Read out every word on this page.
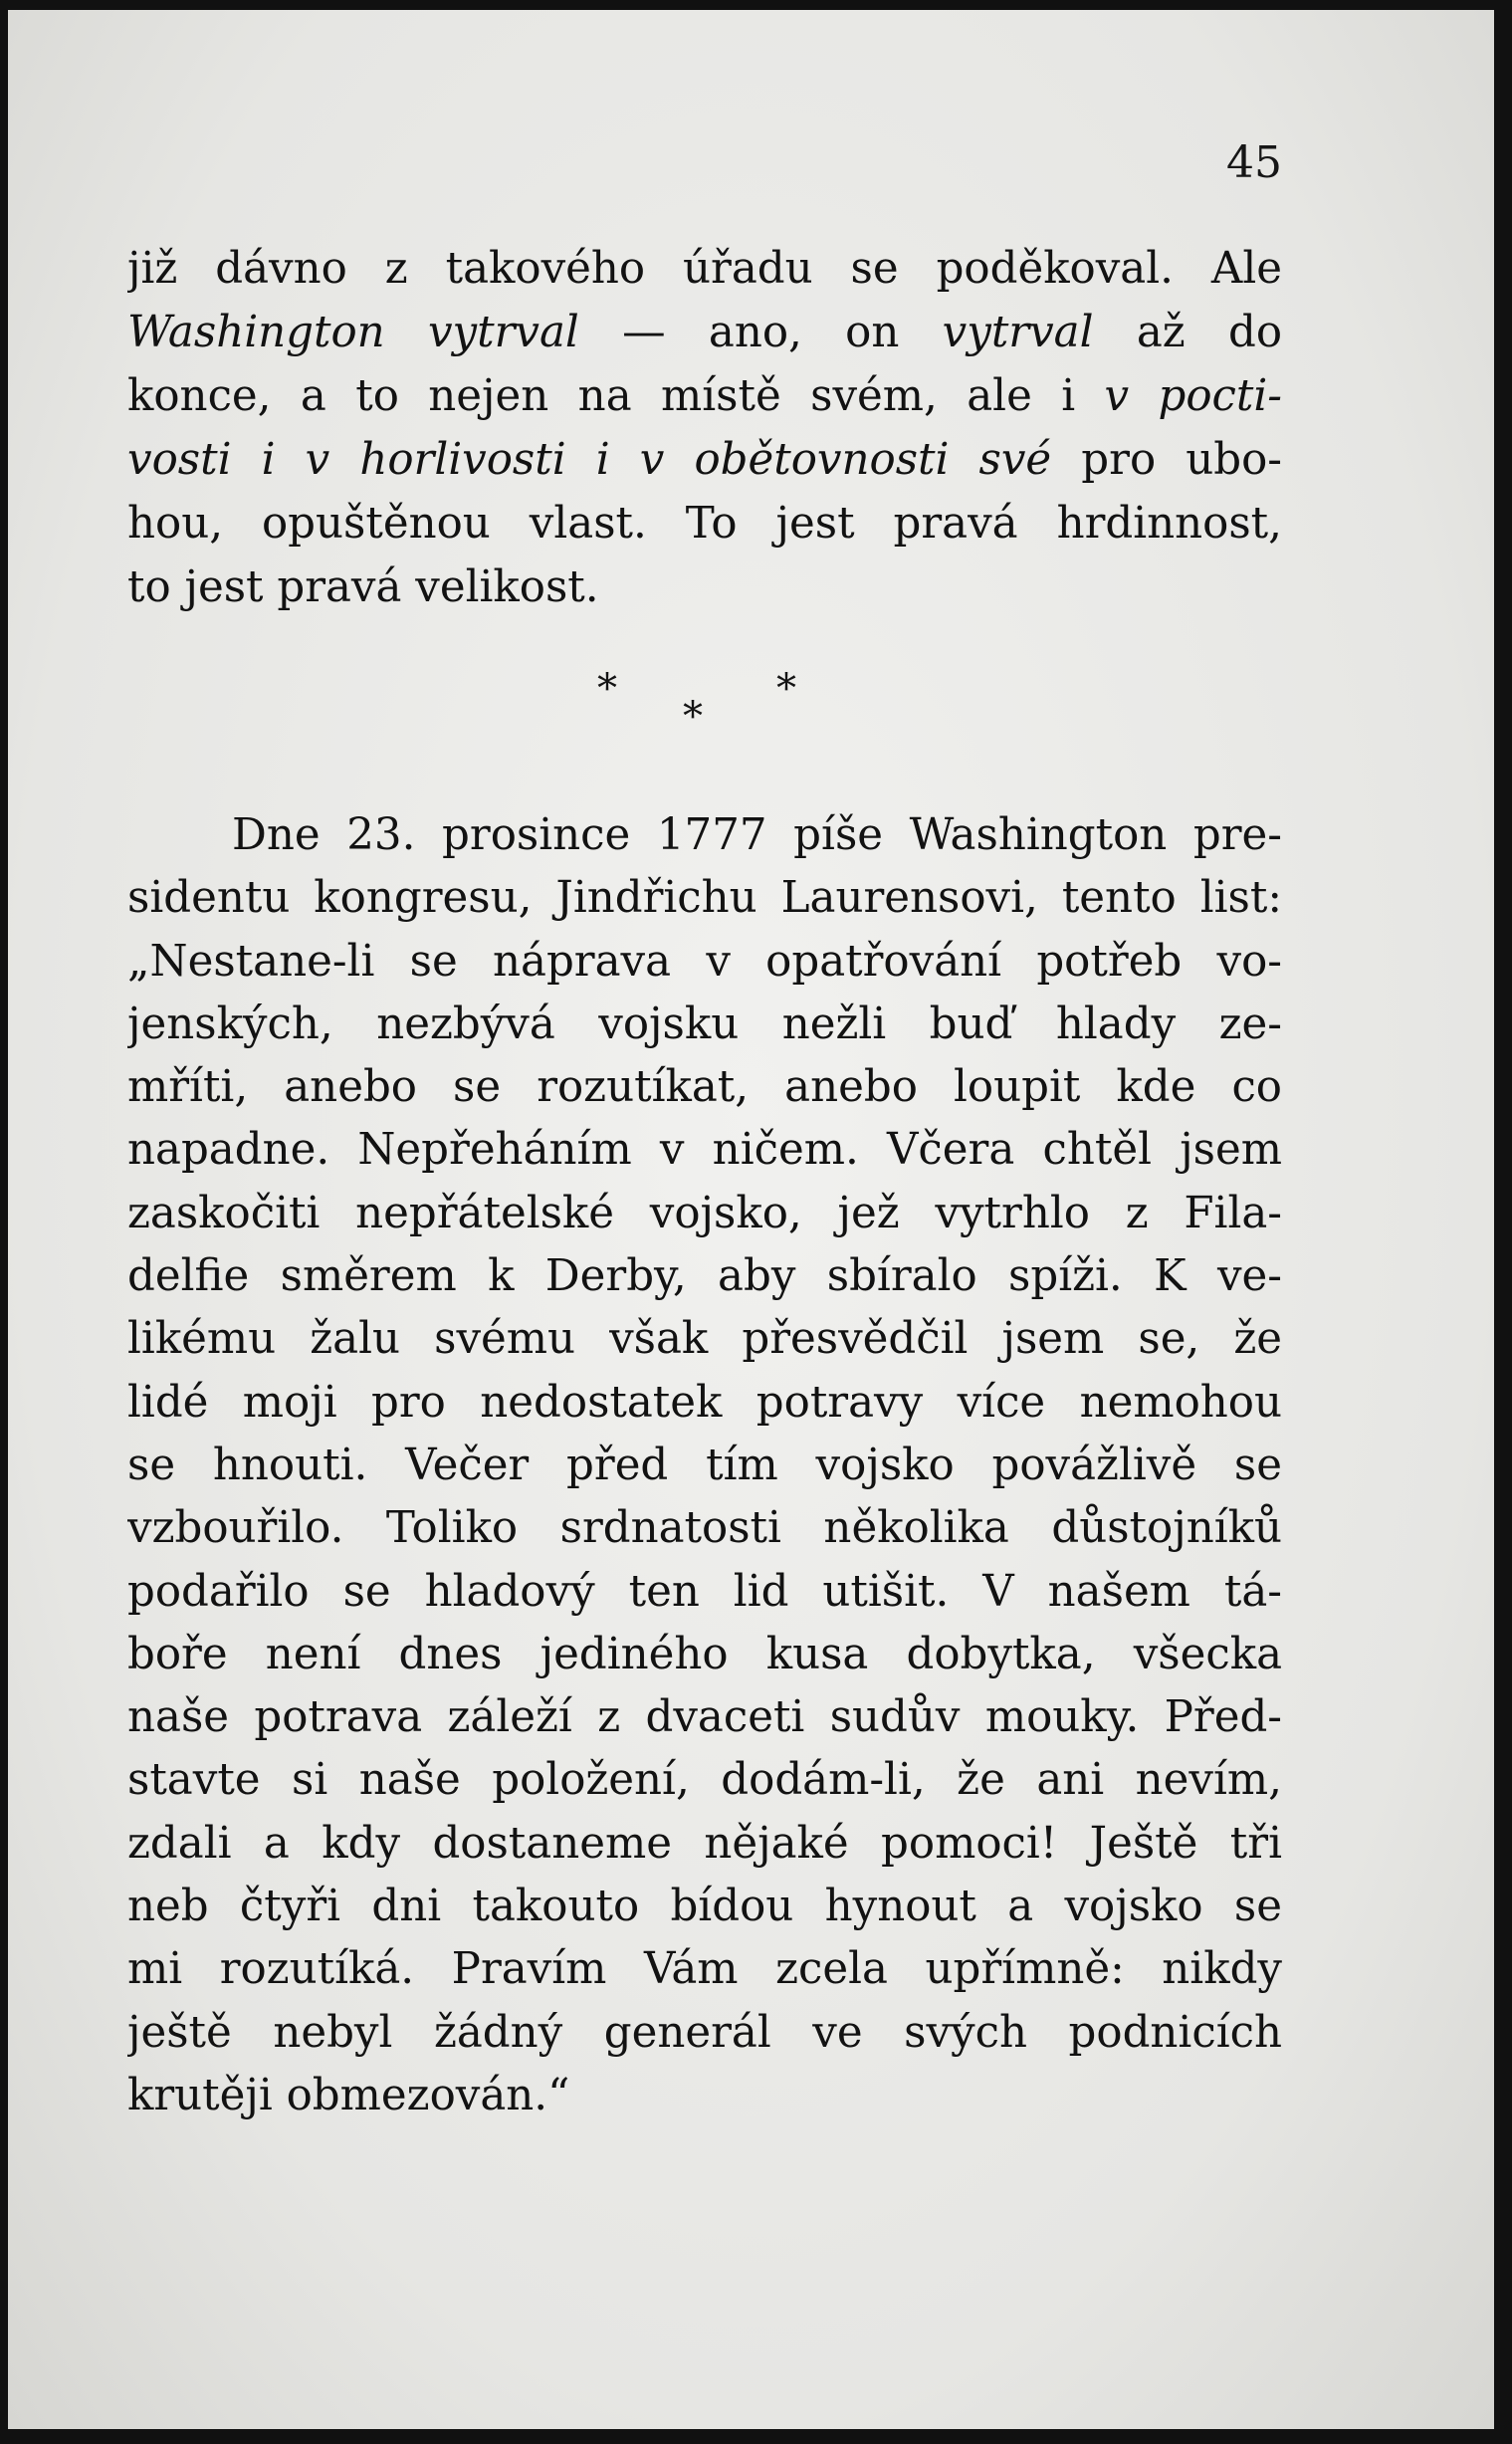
45
již dávno z takového úřadu se poděkoval. Ale
Washington vytrval — ano, on vytrval až do
konce, a to nejen na místě svém, ale i v pocti-
vosti i v horlivosti i v obětovnosti své pro ubo-
hou, opuštěnou vlast. To jest pravá hrdinnost,
to jest pravá velikost.
*
*
*
Dne 23. prosince 1777 píše Washington pre-
sidentu kongresu, Jindřichu Laurensovi, tento list:
„Nestane-li se náprava v opatřování potřeb vo-
jenských, nezbývá vojsku nežli buď hlady ze-
mříti, anebo se rozutíkat, anebo loupit kde co
napadne. Nepřeháním v ničem. Včera chtěl jsem
zaskočiti nepřátelské vojsko, jež vytrhlo z Fila-
delfie směrem k Derby, aby sbíralo spíži. K ve-
likému žalu svému však přesvědčil jsem se, že
lidé moji pro nedostatek potravy více nemohou
se hnouti. Večer před tím vojsko povážlivě se
vzbouřilo. Toliko srdnatosti několika důstojníků
podařilo se hladový ten lid utišit. V našem tá-
boře není dnes jediného kusa dobytka, všecka
naše potrava záleží z dvaceti sudův mouky. Před-
stavte si naše položení, dodám-li, že ani nevím,
zdali a kdy dostaneme nějaké pomoci! Ještě tři
neb čtyři dni takouto bídou hynout a vojsko se
mi rozutíká. Pravím Vám zcela upřímně: nikdy
ještě nebyl žádný generál ve svých podnicích
krutěji obmezován.“
